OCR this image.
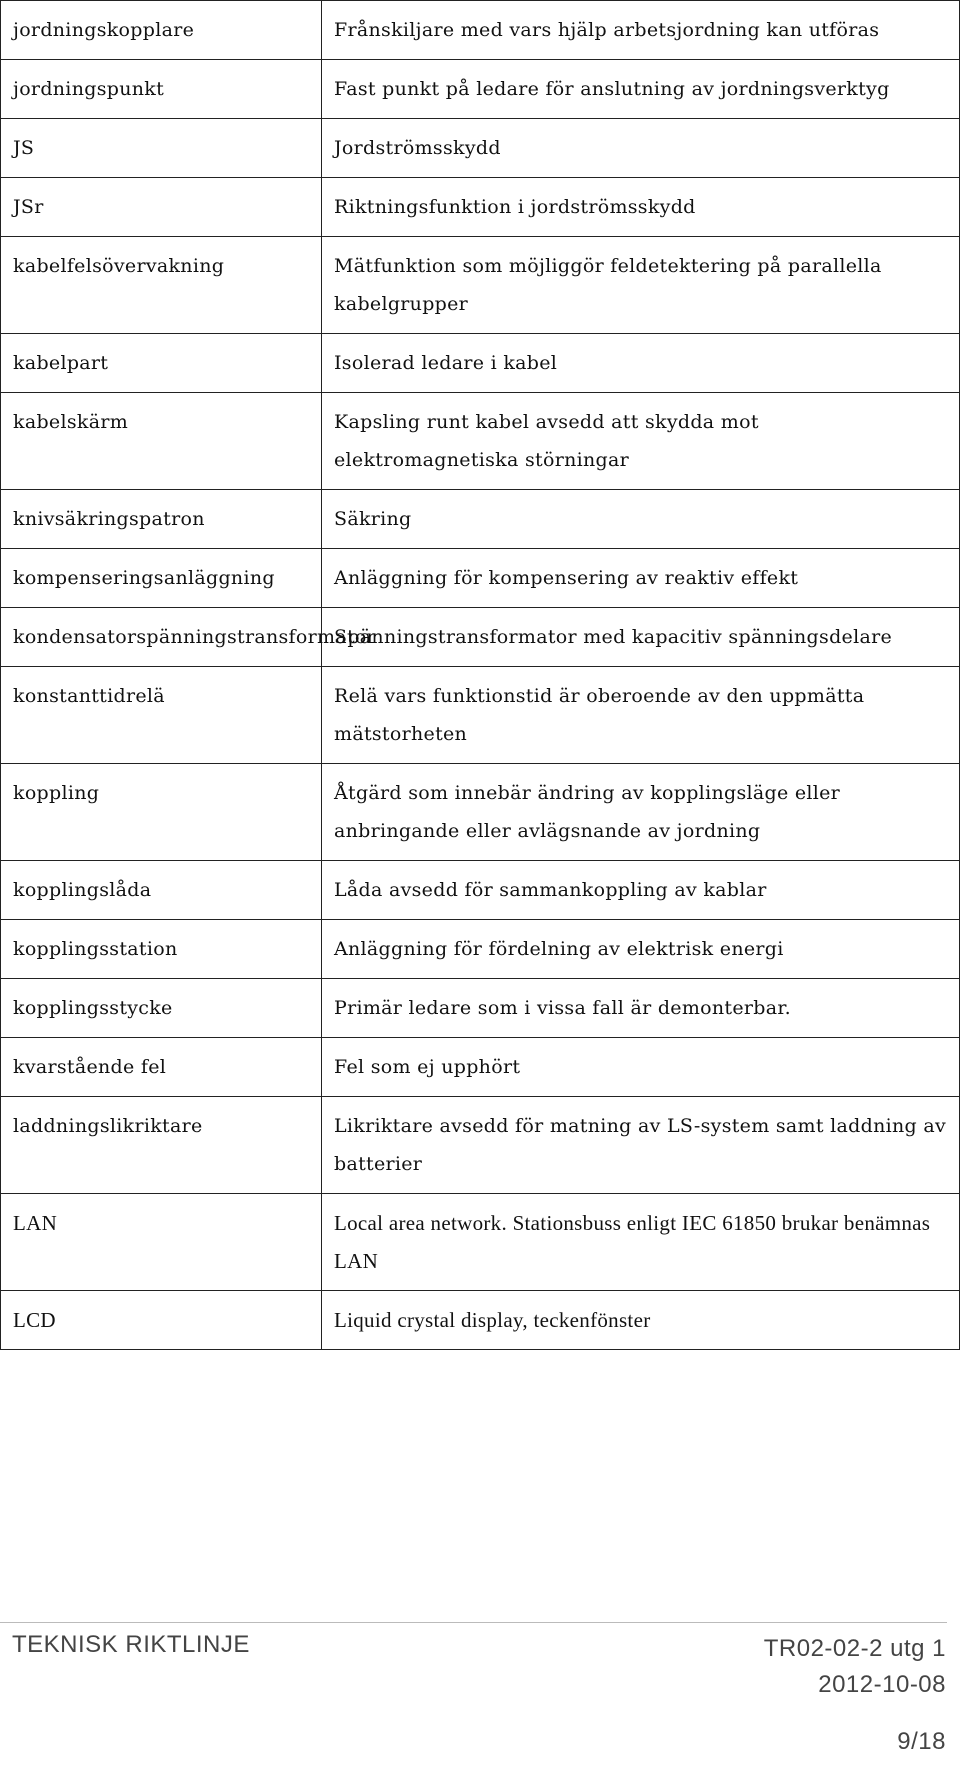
jordningskopplare	Frånskiljare med vars hjälp arbetsjordning kan utföras
jordningspunkt	Fast punkt på ledare för anslutning av jordningsverktyg
JS	Jordströmsskydd
JSr	Riktningsfunktion i jordströmsskydd
kabelfelsövervakning	Mätfunktion som möjliggör feldetektering på parallella kabelgrupper
kabelpart	Isolerad ledare i kabel
kabelskärm	Kapsling runt kabel avsedd att skydda mot elektromagnetiska störningar
knivsäkringspatron	Säkring
kompenseringsanläggning	Anläggning för kompensering av reaktiv effekt
kondensatorspänningstransformator	Spänningstransformator med kapacitiv spänningsdelare
konstanttidrelä	Relä vars funktionstid är oberoende av den uppmätta mätstorheten
koppling	Åtgärd som innebär ändring av kopplingsläge eller anbringande eller avlägsnande av jordning
kopplingslåda	Låda avsedd för sammankoppling av kablar
kopplingsstation	Anläggning för fördelning av elektrisk energi
kopplingsstycke	Primär ledare som i vissa fall är demonterbar.
kvarstående fel	Fel som ej upphört
laddningslikriktare	Likriktare avsedd för matning av LS-system samt laddning av batterier
LAN	Local area network. Stationsbuss enligt IEC 61850 brukar benämnas LAN
LCD	Liquid crystal display, teckenfönster
TEKNISK RIKTLINJE	TR02-02-2 utg 1
2012-10-08
9/18
